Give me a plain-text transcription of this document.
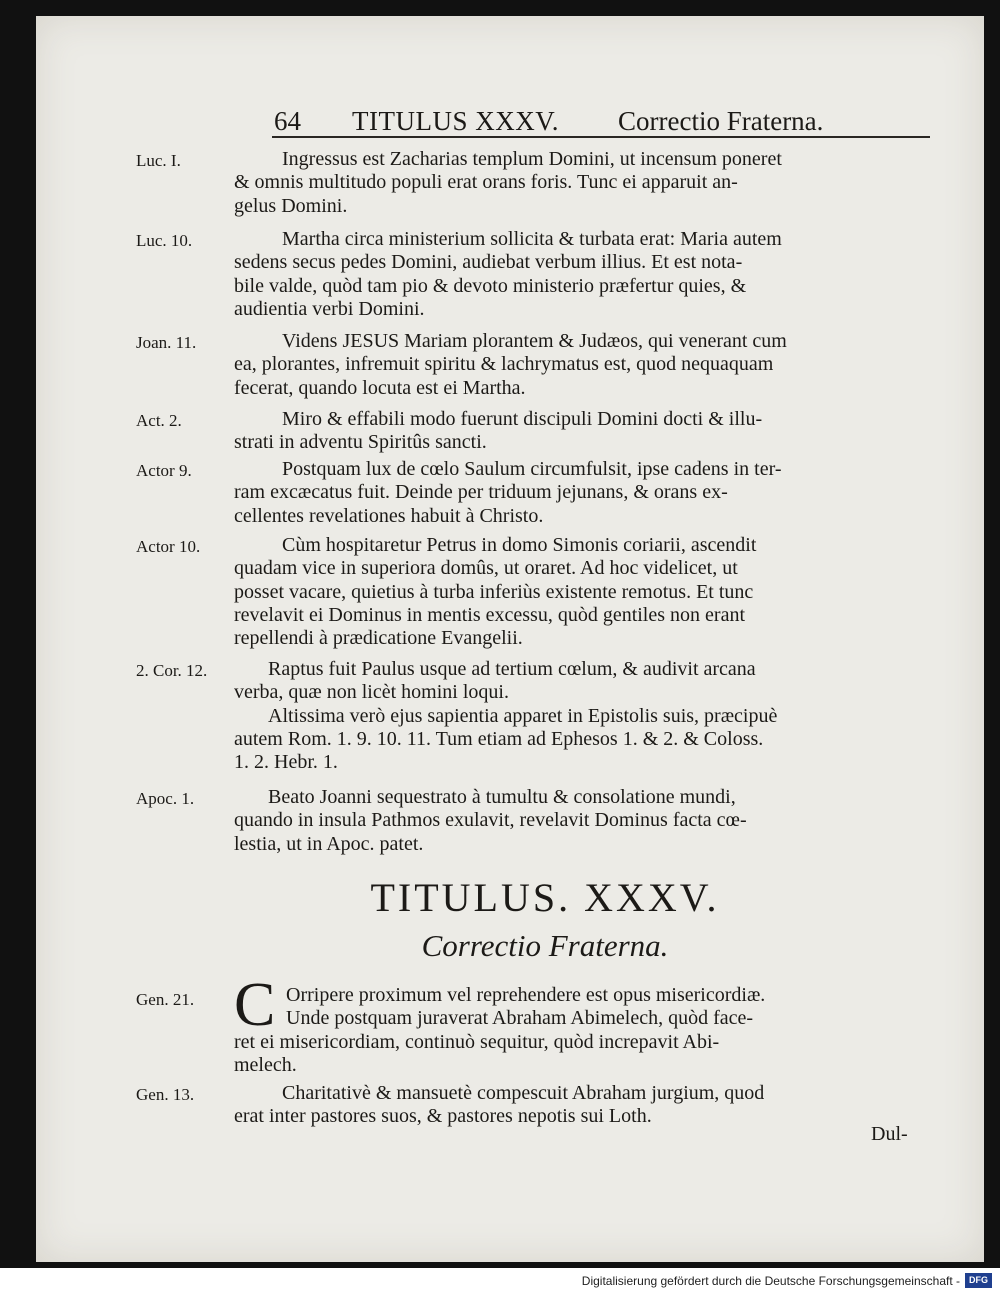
64 TITULUS XXXV. Correctio Fraterna.
Luc. I.	Ingressus est Zacharias templum Domini, ut incensum poneret
& omnis multitudo populi erat orans foris. Tunc ei apparuit an-
gelus Domini.
Luc. 10.	Martha circa ministerium sollicita & turbata erat: Maria autem
sedens secus pedes Domini, audiebat verbum illius. Et est nota-
bile valde, quòd tam pio & devoto ministerio præfertur quies, &
audientia verbi Domini.
Joan. 11.	Videns JESUS Mariam plorantem & Judæos, qui venerant cum
ea, plorantes, infremuit spiritu & lachrymatus est, quod nequaquam
fecerat, quando locuta est ei Martha.
Act. 2.	Miro & effabili modo fuerunt discipuli Domini docti & illu-
strati in adventu Spiritûs sancti.
Actor 9.	Postquam lux de cœlo Saulum circumfulsit, ipse cadens in ter-
ram excæcatus fuit. Deinde per triduum jejunans, & orans ex-
cellentes revelationes habuit à Christo.
Actor 10.	Cùm hospitaretur Petrus in domo Simonis coriarii, ascendit
quadam vice in superiora domûs, ut oraret. Ad hoc videlicet, ut
posset vacare, quietius à turba inferiùs existente remotus. Et tunc
revelavit ei Dominus in mentis excessu, quòd gentiles non erant
repellendi à prædicatione Evangelii.
2. Cor. 12.	Raptus fuit Paulus usque ad tertium cœlum, & audivit arcana
verba, quæ non licèt homini loqui.
Altissima verò ejus sapientia apparet in Epistolis suis, præcipuè
autem Rom. 1. 9. 10. 11. Tum etiam ad Ephesos 1. & 2. & Coloss.
1. 2. Hebr. 1.
Apoc. 1.	Beato Joanni sequestrato à tumultu & consolatione mundi,
quando in insula Pathmos exulavit, revelavit Dominus facta cœ-
lestia, ut in Apoc. patet.
TITULUS. XXXV.
Correctio Fraterna.
Gen. 21. C Orripere proximum vel reprehendere est opus misericordiæ.
Unde postquam juraverat Abraham Abimelech, quòd face-
ret ei misericordiam, continuò sequitur, quòd increpavit Abi-
melech.
Gen. 13.	Charitativè & mansuetè compescuit Abraham jurgium, quod
erat inter pastores suos, & pastores nepotis sui Loth.
Dul-
Digitalisierung gefördert durch die Deutsche Forschungsgemeinschaft -	DFG
